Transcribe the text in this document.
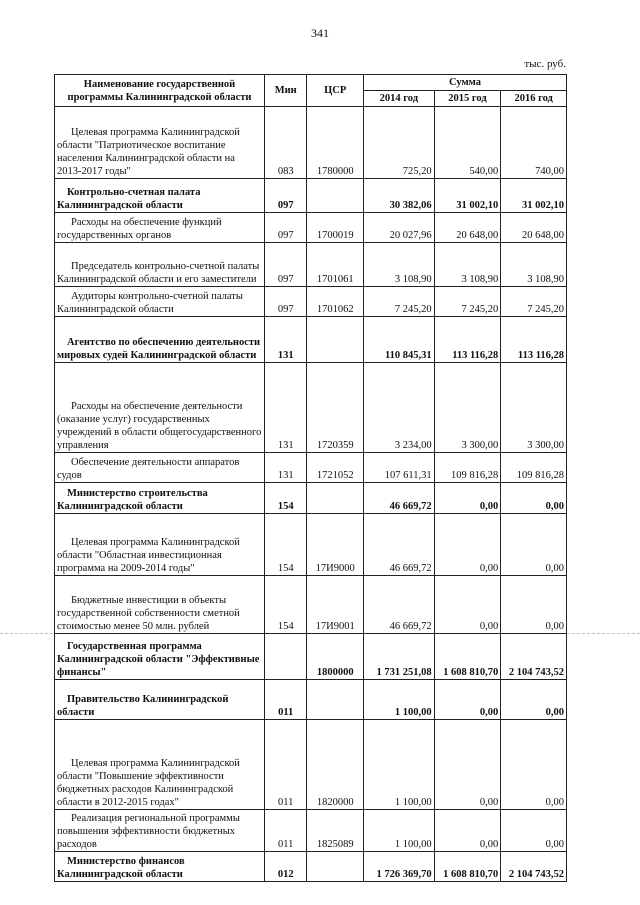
341
тыс. руб.
Наименование государственной программы Калининградской области	Мин	ЦСР	Сумма		
			2014 год	2015 год	2016 год
Целевая программа Калининградской области "Патриотическое воспитание населения Калининградской области на 2013-2017 годы"	083	1780000	725,20	540,00	740,00
Контрольно-счетная палата Калининградской области	097		30 382,06	31 002,10	31 002,10
Расходы на обеспечение функций государственных органов	097	1700019	20 027,96	20 648,00	20 648,00
Председатель контрольно-счетной палаты Калининградской области и его заместители	097	1701061	3 108,90	3 108,90	3 108,90
Аудиторы контрольно-счетной палаты Калининградской области	097	1701062	7 245,20	7 245,20	7 245,20
Агентство по обеспечению деятельности мировых судей Калининградской области	131		110 845,31	113 116,28	113 116,28
Расходы на обеспечение деятельности (оказание услуг) государственных учреждений в области общегосударственного управления	131	1720359	3 234,00	3 300,00	3 300,00
Обеспечение деятельности аппаратов судов	131	1721052	107 611,31	109 816,28	109 816,28
Министерство строительства Калининградской области	154		46 669,72	0,00	0,00
Целевая программа Калининградской области "Областная инвестиционная программа на 2009-2014 годы"	154	17И9000	46 669,72	0,00	0,00
Бюджетные инвестиции в объекты государственной собственности сметной стоимостью менее 50 млн. рублей	154	17И9001	46 669,72	0,00	0,00
Государственная программа Калининградской области "Эффективные финансы"		1800000	1 731 251,08	1 608 810,70	2 104 743,52
Правительство Калининградской области	011		1 100,00	0,00	0,00
Целевая программа Калининградской области "Повышение эффективности бюджетных расходов Калининградской области в 2012-2015 годах"	011	1820000	1 100,00	0,00	0,00
Реализация региональной программы повышения эффективности бюджетных расходов	011	1825089	1 100,00	0,00	0,00
Министерство финансов Калининградской области	012		1 726 369,70	1 608 810,70	2 104 743,52
